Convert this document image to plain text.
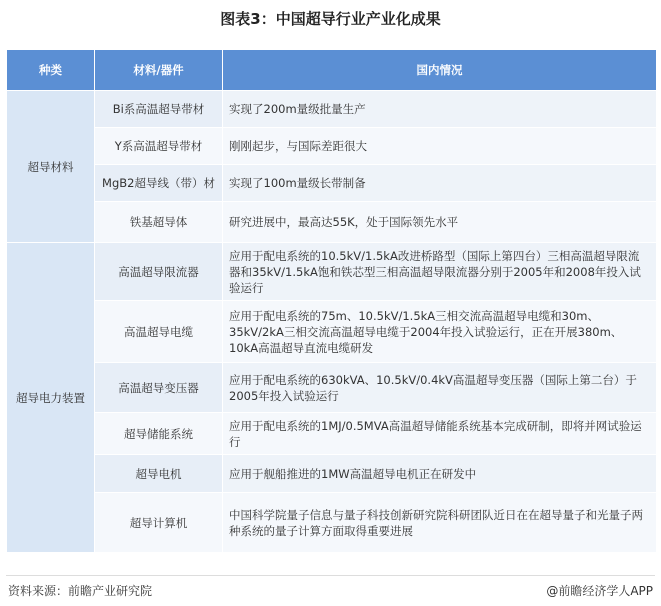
图表3：中国超导行业产业化成果
种类	材料/器件	国内情况
超导材料	Bi系高温超导带材	实现了200m量级批量生产
	Y系高温超导带材	刚刚起步，与国际差距很大
	MgB2超导线（带）材	实现了100m量级长带制备
	铁基超导体	研究进展中，最高达55K，处于国际领先水平
超导电力装置	高温超导限流器	应用于配电系统的10.5kV/1.5kA改进桥路型（国际上第四台）三相高温超导限流器和35kV/1.5kA饱和铁芯型三相高温超导限流器分别于2005年和2008年投入试验运行
	高温超导电缆	应用于配电系统的75m、10.5kV/1.5kA三相交流高温超导电缆和30m、35kV/2kA三相交流高温超导电缆于2004年投入试验运行，正在开展380m、10kA高温超导直流电缆研发
	高温超导变压器	应用于配电系统的630kVA、10.5kV/0.4kV高温超导变压器（国际上第二台）于2005年投入试验运行
	超导储能系统	应用于配电系统的1MJ/0.5MVA高温超导储能系统基本完成研制，即将并网试验运行
	超导电机	应用于舰船推进的1MW高温超导电机正在研发中
	超导计算机	中国科学院量子信息与量子科技创新研究院科研团队近日在在超导量子和光量子两种系统的量子计算方面取得重要进展
资料来源：前瞻产业研究院	@前瞻经济学人APP
